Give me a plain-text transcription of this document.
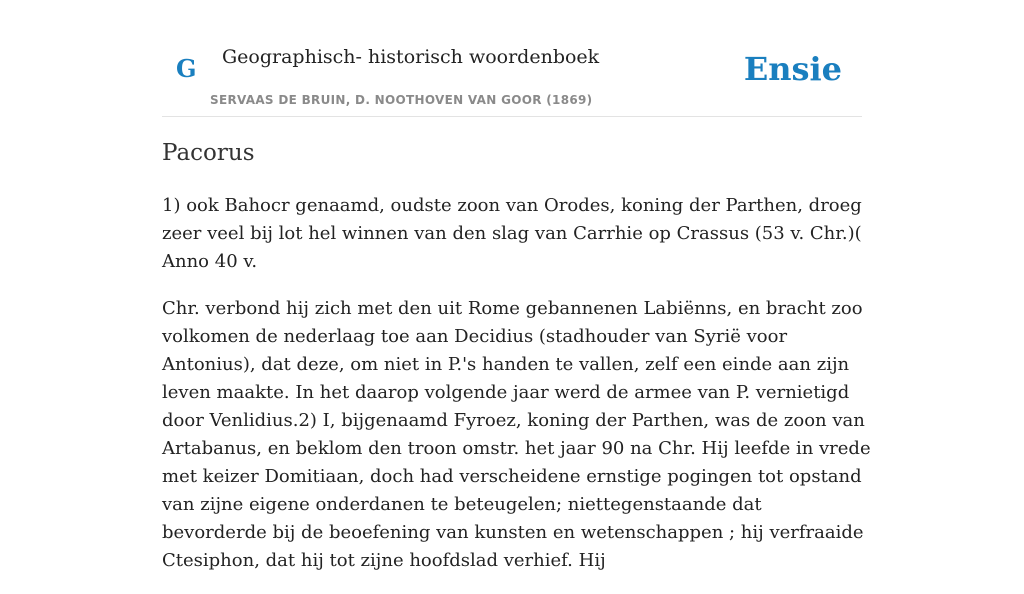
G Geographisch- historisch woordenboek
SERVAAS DE BRUIN, D. NOOTHOVEN VAN GOOR (1869)
Ensie
Pacorus

1) ook Bahocr genaamd, oudste zoon van Orodes, koning der Parthen, droeg zeer veel bij lot hel winnen van den slag van Carrhie op Crassus (53 v. Chr.)( Anno 40 v.

Chr. verbond hij zich met den uit Rome gebannenen Labiënns, en bracht zoo volkomen de nederlaag toe aan Decidius (stadhouder van Syrië voor Antonius), dat deze, om niet in P.'s handen te vallen, zelf een einde aan zijn leven maakte. In het daarop volgende jaar werd de armee van P. vernietigd door Venlidius.2) I, bijgenaamd Fyroez, koning der Parthen, was de zoon van Artabanus, en beklom den troon omstr. het jaar 90 na Chr. Hij leefde in vrede met keizer Domitiaan, doch had verscheidene ernstige pogingen tot opstand van zijne eigene onderdanen te beteugelen; niettegenstaande dat bevorderde bij de beoefening van kunsten en wetenschappen ; hij verfraaide Ctesiphon, dat hij tot zijne hoofdslad verhief. Hij
